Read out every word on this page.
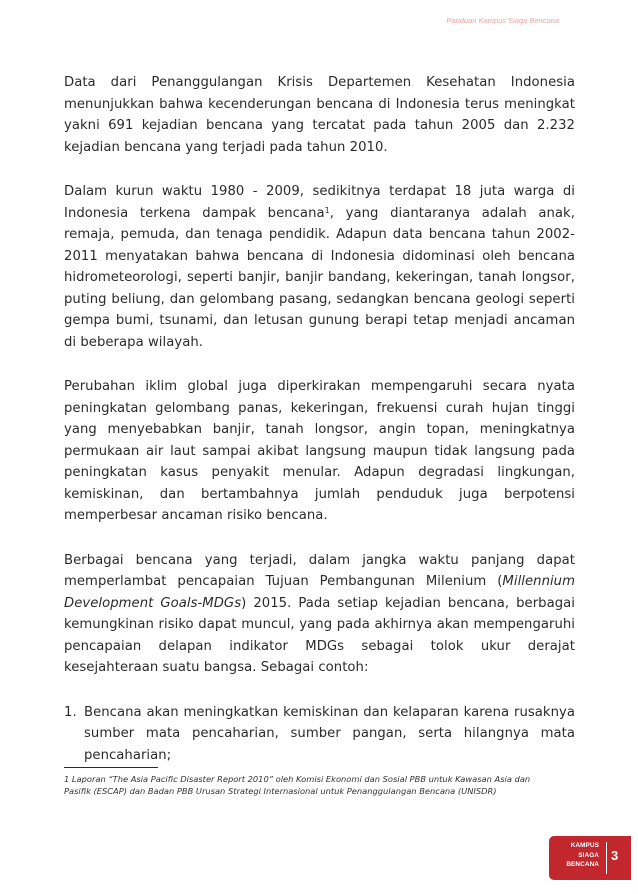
Panduan Kampus Siaga Bencana

Data dari Penanggulangan Krisis Departemen Kesehatan Indonesia menunjukkan bahwa kecenderungan bencana di Indonesia terus meningkat yakni 691 kejadian bencana yang tercatat pada tahun 2005 dan 2.232 kejadian bencana yang terjadi pada tahun 2010.

Dalam kurun waktu 1980 - 2009, sedikitnya terdapat 18 juta warga di Indonesia terkena dampak bencana$^1$, yang diantaranya adalah anak, remaja, pemuda, dan tenaga pendidik. Adapun data bencana tahun 2002-2011 menyatakan bahwa bencana di Indonesia didominasi oleh bencana hidrometeorologi, seperti banjir, banjir bandang, kekeringan, tanah longsor, puting beliung, dan gelombang pasang, sedangkan bencana geologi seperti gempa bumi, tsunami, dan letusan gunung berapi tetap menjadi ancaman di beberapa wilayah.

Perubahan iklim global juga diperkirakan mempengaruhi secara nyata peningkatan gelombang panas, kekeringan, frekuensi curah hujan tinggi yang menyebabkan banjir, tanah longsor, angin topan, meningkatnya permukaan air laut sampai akibat langsung maupun tidak langsung pada peningkatan kasus penyakit menular. Adapun degradasi lingkungan, kemiskinan, dan bertambahnya jumlah penduduk juga berpotensi memperbesar ancaman risiko bencana.

Berbagai bencana yang terjadi, dalam jangka waktu panjang dapat memperlambat pencapaian Tujuan Pembangunan Milenium (Millennium Development Goals-MDGs) 2015. Pada setiap kejadian bencana, berbagai kemungkinan risiko dapat muncul, yang pada akhirnya akan mempengaruhi pencapaian delapan indikator MDGs sebagai tolok ukur derajat kesejahteraan suatu bangsa. Sebagai contoh:

1. Bencana akan meningkatkan kemiskinan dan kelaparan karena rusaknya sumber mata pencaharian, sumber pangan, serta hilangnya mata pencaharian;

1 Laporan “The Asia Pacific Disaster Report 2010” oleh Komisi Ekonomi dan Sosial PBB untuk Kawasan Asia dan Pasifik (ESCAP) dan Badan PBB Urusan Strategi Internasional untuk Penanggulangan Bencana (UNISDR)
KAMPUS
SIAGA
BENCANA
3
